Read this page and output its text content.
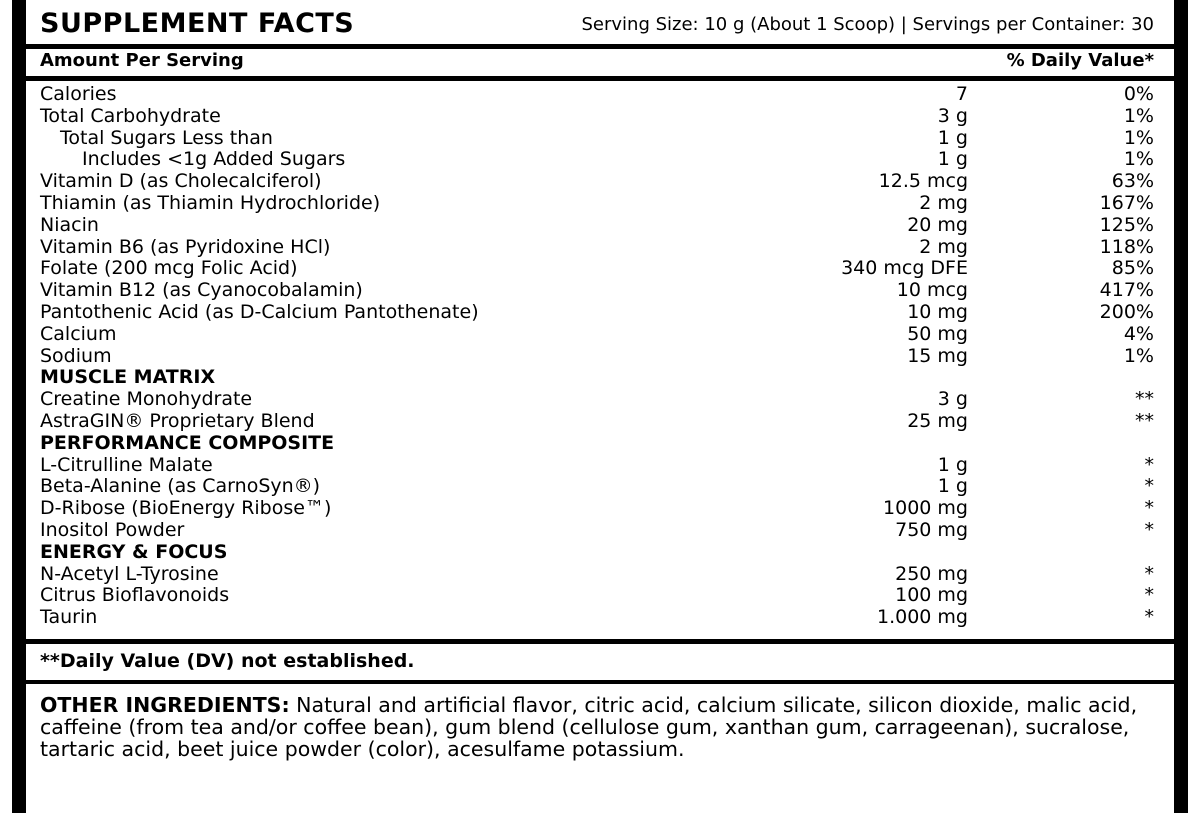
SUPPLEMENT FACTS	Serving Size: 10 g (About 1 Scoop) | Servings per Container: 30
Amount Per Serving	% Daily Value*
Calories	7	0%
Total Carbohydrate	3 g	1%
Total Sugars Less than	1 g	1%
Includes <1g Added Sugars	1 g	1%
Vitamin D (as Cholecalciferol)	12.5 mcg	63%
Thiamin (as Thiamin Hydrochloride)	2 mg	167%
Niacin	20 mg	125%
Vitamin B6 (as Pyridoxine HCl)	2 mg	118%
Folate (200 mcg Folic Acid)	340 mcg DFE	85%
Vitamin B12 (as Cyanocobalamin)	10 mcg	417%
Pantothenic Acid (as D-Calcium Pantothenate)	10 mg	200%
Calcium	50 mg	4%
Sodium	15 mg	1%
MUSCLE MATRIX
Creatine Monohydrate	3 g	**
AstraGIN® Proprietary Blend	25 mg	**
PERFORMANCE COMPOSITE
L-Citrulline Malate	1 g	*
Beta-Alanine (as CarnoSyn®)	1 g	*
D-Ribose (BioEnergy Ribose™)	1000 mg	*
Inositol Powder	750 mg	*
ENERGY & FOCUS
N-Acetyl L-Tyrosine	250 mg	*
Citrus Bioflavonoids	100 mg	*
Taurin	1.000 mg	*
**Daily Value (DV) not established.
OTHER INGREDIENTS: Natural and artificial flavor, citric acid, calcium silicate, silicon dioxide, malic acid, caffeine (from tea and/or coffee bean), gum blend (cellulose gum, xanthan gum, carrageenan), sucralose, tartaric acid, beet juice powder (color), acesulfame potassium.
